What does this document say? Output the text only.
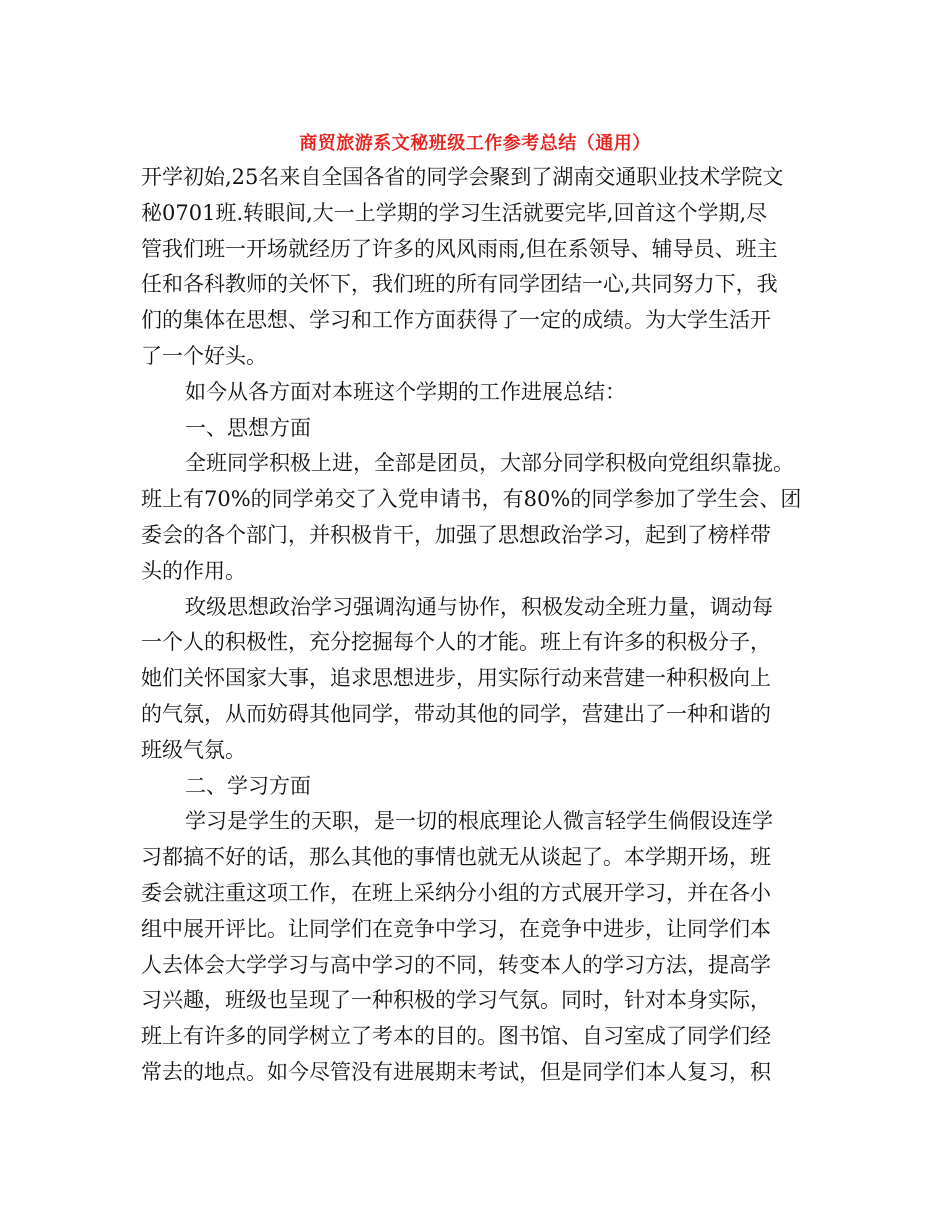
商贸旅游系文秘班级工作参考总结（通用）
开学初始,25名来自全国各省的同学会聚到了湖南交通职业技术学院文
秘0701班.转眼间,大一上学期的学习生活就要完毕,回首这个学期,尽
管我们班一开场就经历了许多的风风雨雨,但在系领导、辅导员、班主
任和各科教师的关怀下，我们班的所有同学团结一心,共同努力下，我
们的集体在思想、学习和工作方面获得了一定的成绩。为大学生活开
了一个好头。
如今从各方面对本班这个学期的工作进展总结：
一、思想方面
全班同学积极上进，全部是团员，大部分同学积极向党组织靠拢。
班上有70%的同学弟交了入党申请书，有80%的同学参加了学生会、团
委会的各个部门，并积极肯干，加强了思想政治学习，起到了榜样带
头的作用。
玫级思想政治学习强调沟通与协作，积极发动全班力量，调动每
一个人的积极性，充分挖掘每个人的才能。班上有许多的积极分子，
她们关怀国家大事，追求思想进步，用实际行动来营建一种积极向上
的气氛，从而妨碍其他同学，带动其他的同学，营建出了一种和谐的
班级气氛。
二、学习方面
学习是学生的天职，是一切的根底理论人微言轻学生倘假设连学
习都搞不好的话，那么其他的事情也就无从谈起了。本学期开场，班
委会就注重这项工作，在班上采纳分小组的方式展开学习，并在各小
组中展开评比。让同学们在竞争中学习，在竞争中进步，让同学们本
人去体会大学学习与高中学习的不同，转变本人的学习方法，提高学
习兴趣，班级也呈现了一种积极的学习气氛。同时，针对本身实际，
班上有许多的同学树立了考本的目的。图书馆、自习室成了同学们经
常去的地点。如今尽管没有进展期末考试，但是同学们本人复习，积
